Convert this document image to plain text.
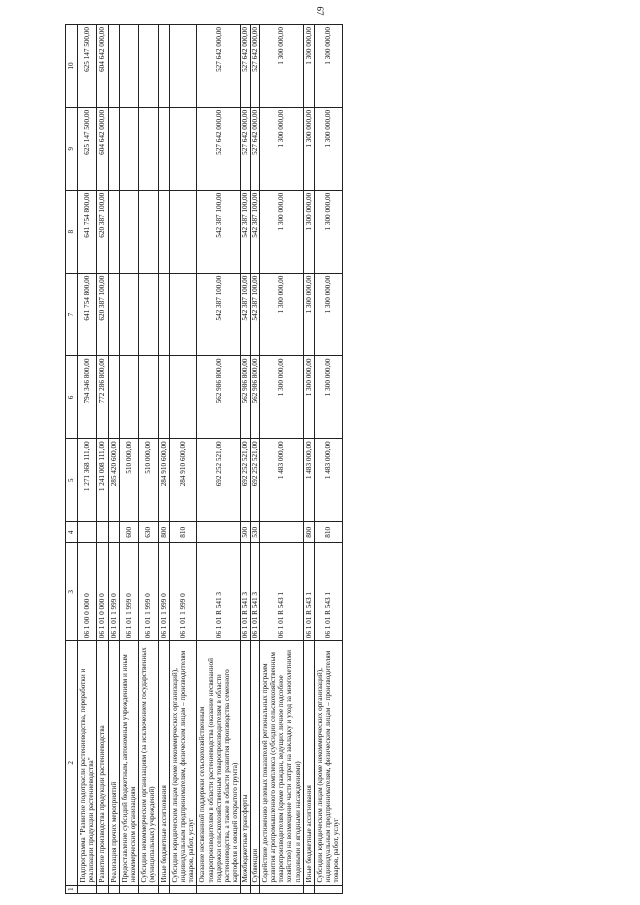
67
1	2	3	4	5	6	7	8	9	10
	Подпрограмма "Развитие подотрасли растениеводства, переработки и реализации продукции растениеводства"	06 1 00 0 000 0		1 271 368 111,00	794 346 800,00	641 754 800,00	641 754 800,00	625 147 500,00	625 147 500,00
	Развитие производства продукции растениеводства	06 1 01 0 000 0		1 241 008 111,00	772 286 800,00	620 387 100,00	620 387 100,00	604 642 000,00	604 642 000,00
	Реализация прочих мероприятий	06 1 01 1 999 0		285 420 600,00					
	Предоставление субсидий бюджетным, автономным учреждениям и иным некоммерческим организациям	06 1 01 1 999 0	600	510 000,00					
	Субсидии некоммерческим организациям (за исключением государственных (муниципальных) учреждений)	06 1 01 1 999 0	630	510 000,00					
	Иные бюджетные ассигнования	06 1 01 1 999 0	800	284 910 600,00					
	Субсидии юридическим лицам (кроме некоммерческих организаций), индивидуальным предпринимателям, физическим лицам – производителям товаров, работ, услуг	06 1 01 1 999 0	810	284 910 600,00					
	Оказание несвязанной поддержки сельскохозяйственным товаропроизводителям в области растениеводства (оказание несвязанной поддержки сельскохозяйственным товаропроизводителям в области растениеводства, а также в области развития производства семенного картофеля и овощей открытого грунта)	06 1 01 R 541 3		692 252 521,00	562 986 800,00	542 387 100,00	542 387 100,00	527 642 000,00	527 642 000,00
	Межбюджетные трансферты	06 1 01 R 541 3	500	692 252 521,00	562 986 800,00	542 387 100,00	542 387 100,00	527 642 000,00	527 642 000,00
	Субвенции	06 1 01 R 541 3	530	692 252 521,00	562 986 800,00	542 387 100,00	542 387 100,00	527 642 000,00	527 642 000,00
	Содействие достижению целевых показателей региональных программ развития агропромышленного комплекса (субсидии сельскохозяйственным товаропроизводителям (кроме граждан, ведущих личное подсобное хозяйство) на возмещение части затрат на закладку и уход за многолетними плодовыми и ягодными насаждениями)	06 1 01 R 543 1		1 483 000,00	1 300 000,00	1 300 000,00	1 300 000,00	1 300 000,00	1 300 000,00
	Иные бюджетные ассигнования	06 1 01 R 543 1	800	1 483 000,00	1 300 000,00	1 300 000,00	1 300 000,00	1 300 000,00	1 300 000,00
	Субсидии юридическим лицам (кроме некоммерческих организаций), индивидуальным предпринимателям, физическим лицам – производителям товаров, работ, услуг	06 1 01 R 543 1	810	1 483 000,00	1 300 000,00	1 300 000,00	1 300 000,00	1 300 000,00	1 300 000,00
